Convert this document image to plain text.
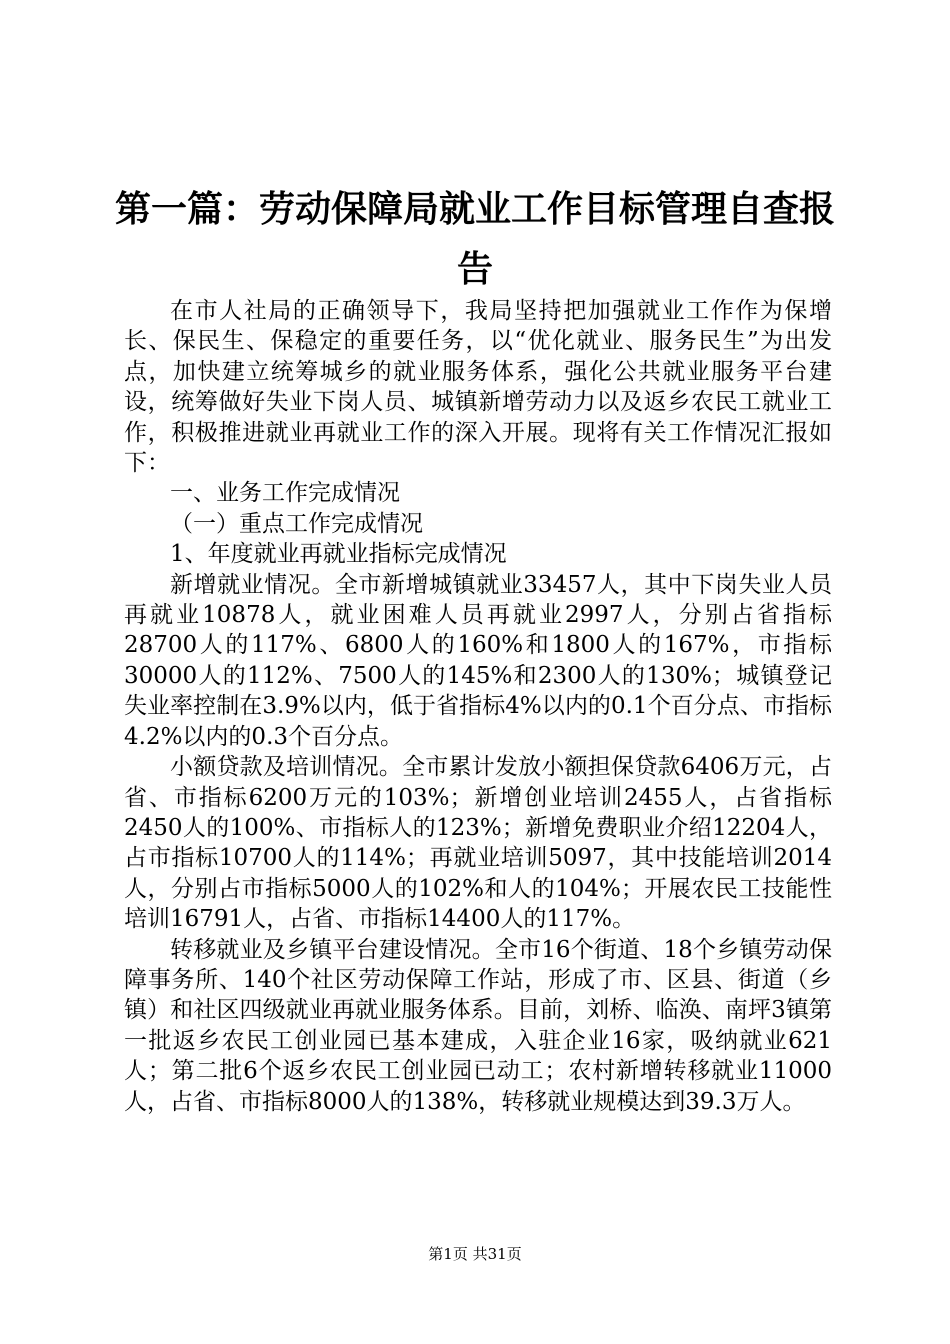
第一篇：劳动保障局就业工作目标管理自查报告

在市人社局的正确领导下，我局坚持把加强就业工作作为保增长、保民生、保稳定的重要任务，以“优化就业、服务民生”为出发点，加快建立统筹城乡的就业服务体系，强化公共就业服务平台建设，统筹做好失业下岗人员、城镇新增劳动力以及返乡农民工就业工作，积极推进就业再就业工作的深入开展。现将有关工作情况汇报如下：

一、业务工作完成情况

（一）重点工作完成情况

1、年度就业再就业指标完成情况

新增就业情况。全市新增城镇就业33457人，其中下岗失业人员再就业10878人，就业困难人员再就业2997人，分别占省指标28700人的117%、6800人的160%和1800人的167%，市指标30000人的112%、7500人的145%和2300人的130%；城镇登记失业率控制在3.9%以内，低于省指标4%以内的0.1个百分点、市指标4.2%以内的0.3个百分点。

小额贷款及培训情况。全市累计发放小额担保贷款6406万元，占省、市指标6200万元的103%；新增创业培训2455人，占省指标2450人的100%、市指标人的123%；新增免费职业介绍12204人，占市指标10700人的114%；再就业培训5097，其中技能培训2014人，分别占市指标5000人的102%和人的104%；开展农民工技能性培训16791人，占省、市指标14400人的117%。

转移就业及乡镇平台建设情况。全市16个街道、18个乡镇劳动保障事务所、140个社区劳动保障工作站，形成了市、区县、街道（乡镇）和社区四级就业再就业服务体系。目前，刘桥、临涣、南坪3镇第一批返乡农民工创业园已基本建成，入驻企业16家，吸纳就业621人；第二批6个返乡农民工创业园已动工；农村新增转移就业11000人，占省、市指标8000人的138%，转移就业规模达到39.3万人。

第1页 共31页
